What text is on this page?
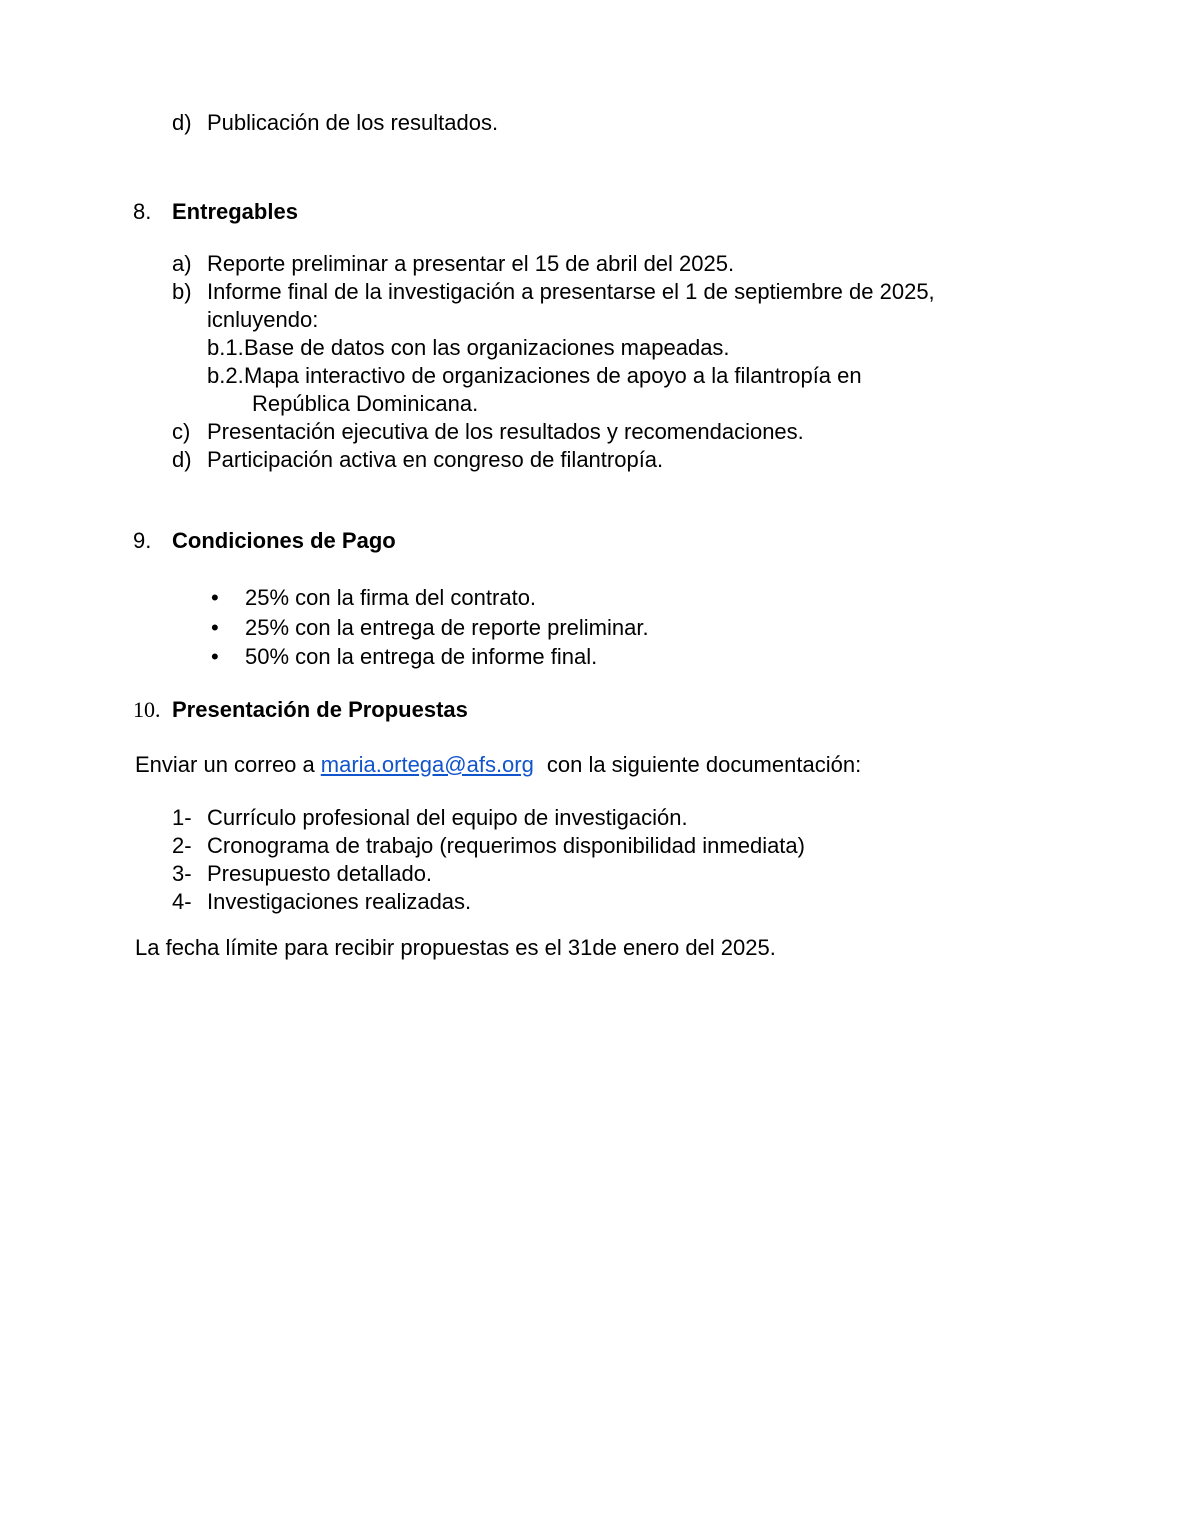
d) Publicación de los resultados.
8. Entregables
a) Reporte preliminar a presentar el 15 de abril del 2025.
b) Informe final de la investigación a presentarse el 1 de septiembre de 2025,
icnluyendo:
b.1. Base de datos con las organizaciones mapeadas.
b.2. Mapa interactivo de organizaciones de apoyo a la filantropía en
República Dominicana.
c) Presentación ejecutiva de los resultados y recomendaciones.
d) Participación activa en congreso de filantropía.
9. Condiciones de Pago
•	25% con la firma del contrato.
•	25% con la entrega de reporte preliminar.
•	50% con la entrega de informe final.
10. Presentación de Propuestas
Enviar un correo a maria.ortega@afs.org con la siguiente documentación:
1- Currículo profesional del equipo de investigación.
2- Cronograma de trabajo (requerimos disponibilidad inmediata)
3- Presupuesto detallado.
4- Investigaciones realizadas.
La fecha límite para recibir propuestas es el 31de enero del 2025.
